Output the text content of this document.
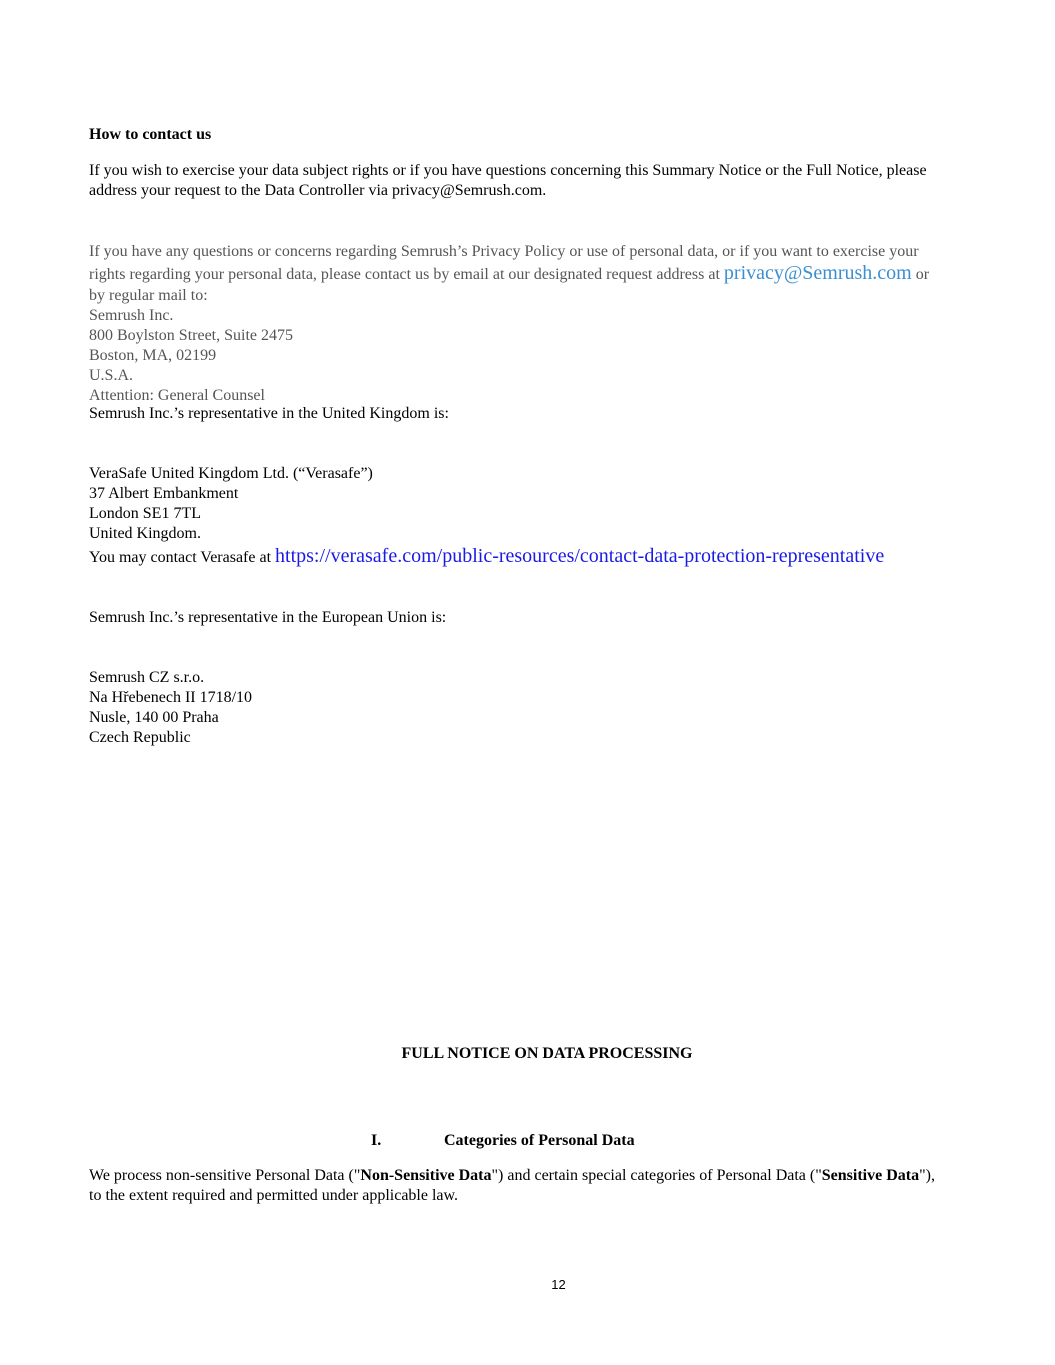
How to contact us
If you wish to exercise your data subject rights or if you have questions concerning this Summary Notice or the Full Notice, please
address your request to the Data Controller via privacy@Semrush.com.
If you have any questions or concerns regarding Semrush’s Privacy Policy or use of personal data, or if you want to exercise your
rights regarding your personal data, please contact us by email at our designated request address at privacy@Semrush.com or
by regular mail to:
Semrush Inc.
800 Boylston Street, Suite 2475
Boston, MA, 02199
U.S.A.
Attention: General Counsel
Semrush Inc.’s representative in the United Kingdom is:
VeraSafe United Kingdom Ltd. (“Verasafe”)
37 Albert Embankment
London SE1 7TL
United Kingdom.
You may contact Verasafe at https://verasafe.com/public-resources/contact-data-protection-representative
Semrush Inc.’s representative in the European Union is:
Semrush CZ s.r.o.
Na Hřebenech II 1718/10
Nusle, 140 00 Praha
Czech Republic
FULL NOTICE ON DATA PROCESSING
I.	Categories of Personal Data
We process non-sensitive Personal Data ("Non-Sensitive Data") and certain special categories of Personal Data ("Sensitive Data"),
to the extent required and permitted under applicable law.
12
